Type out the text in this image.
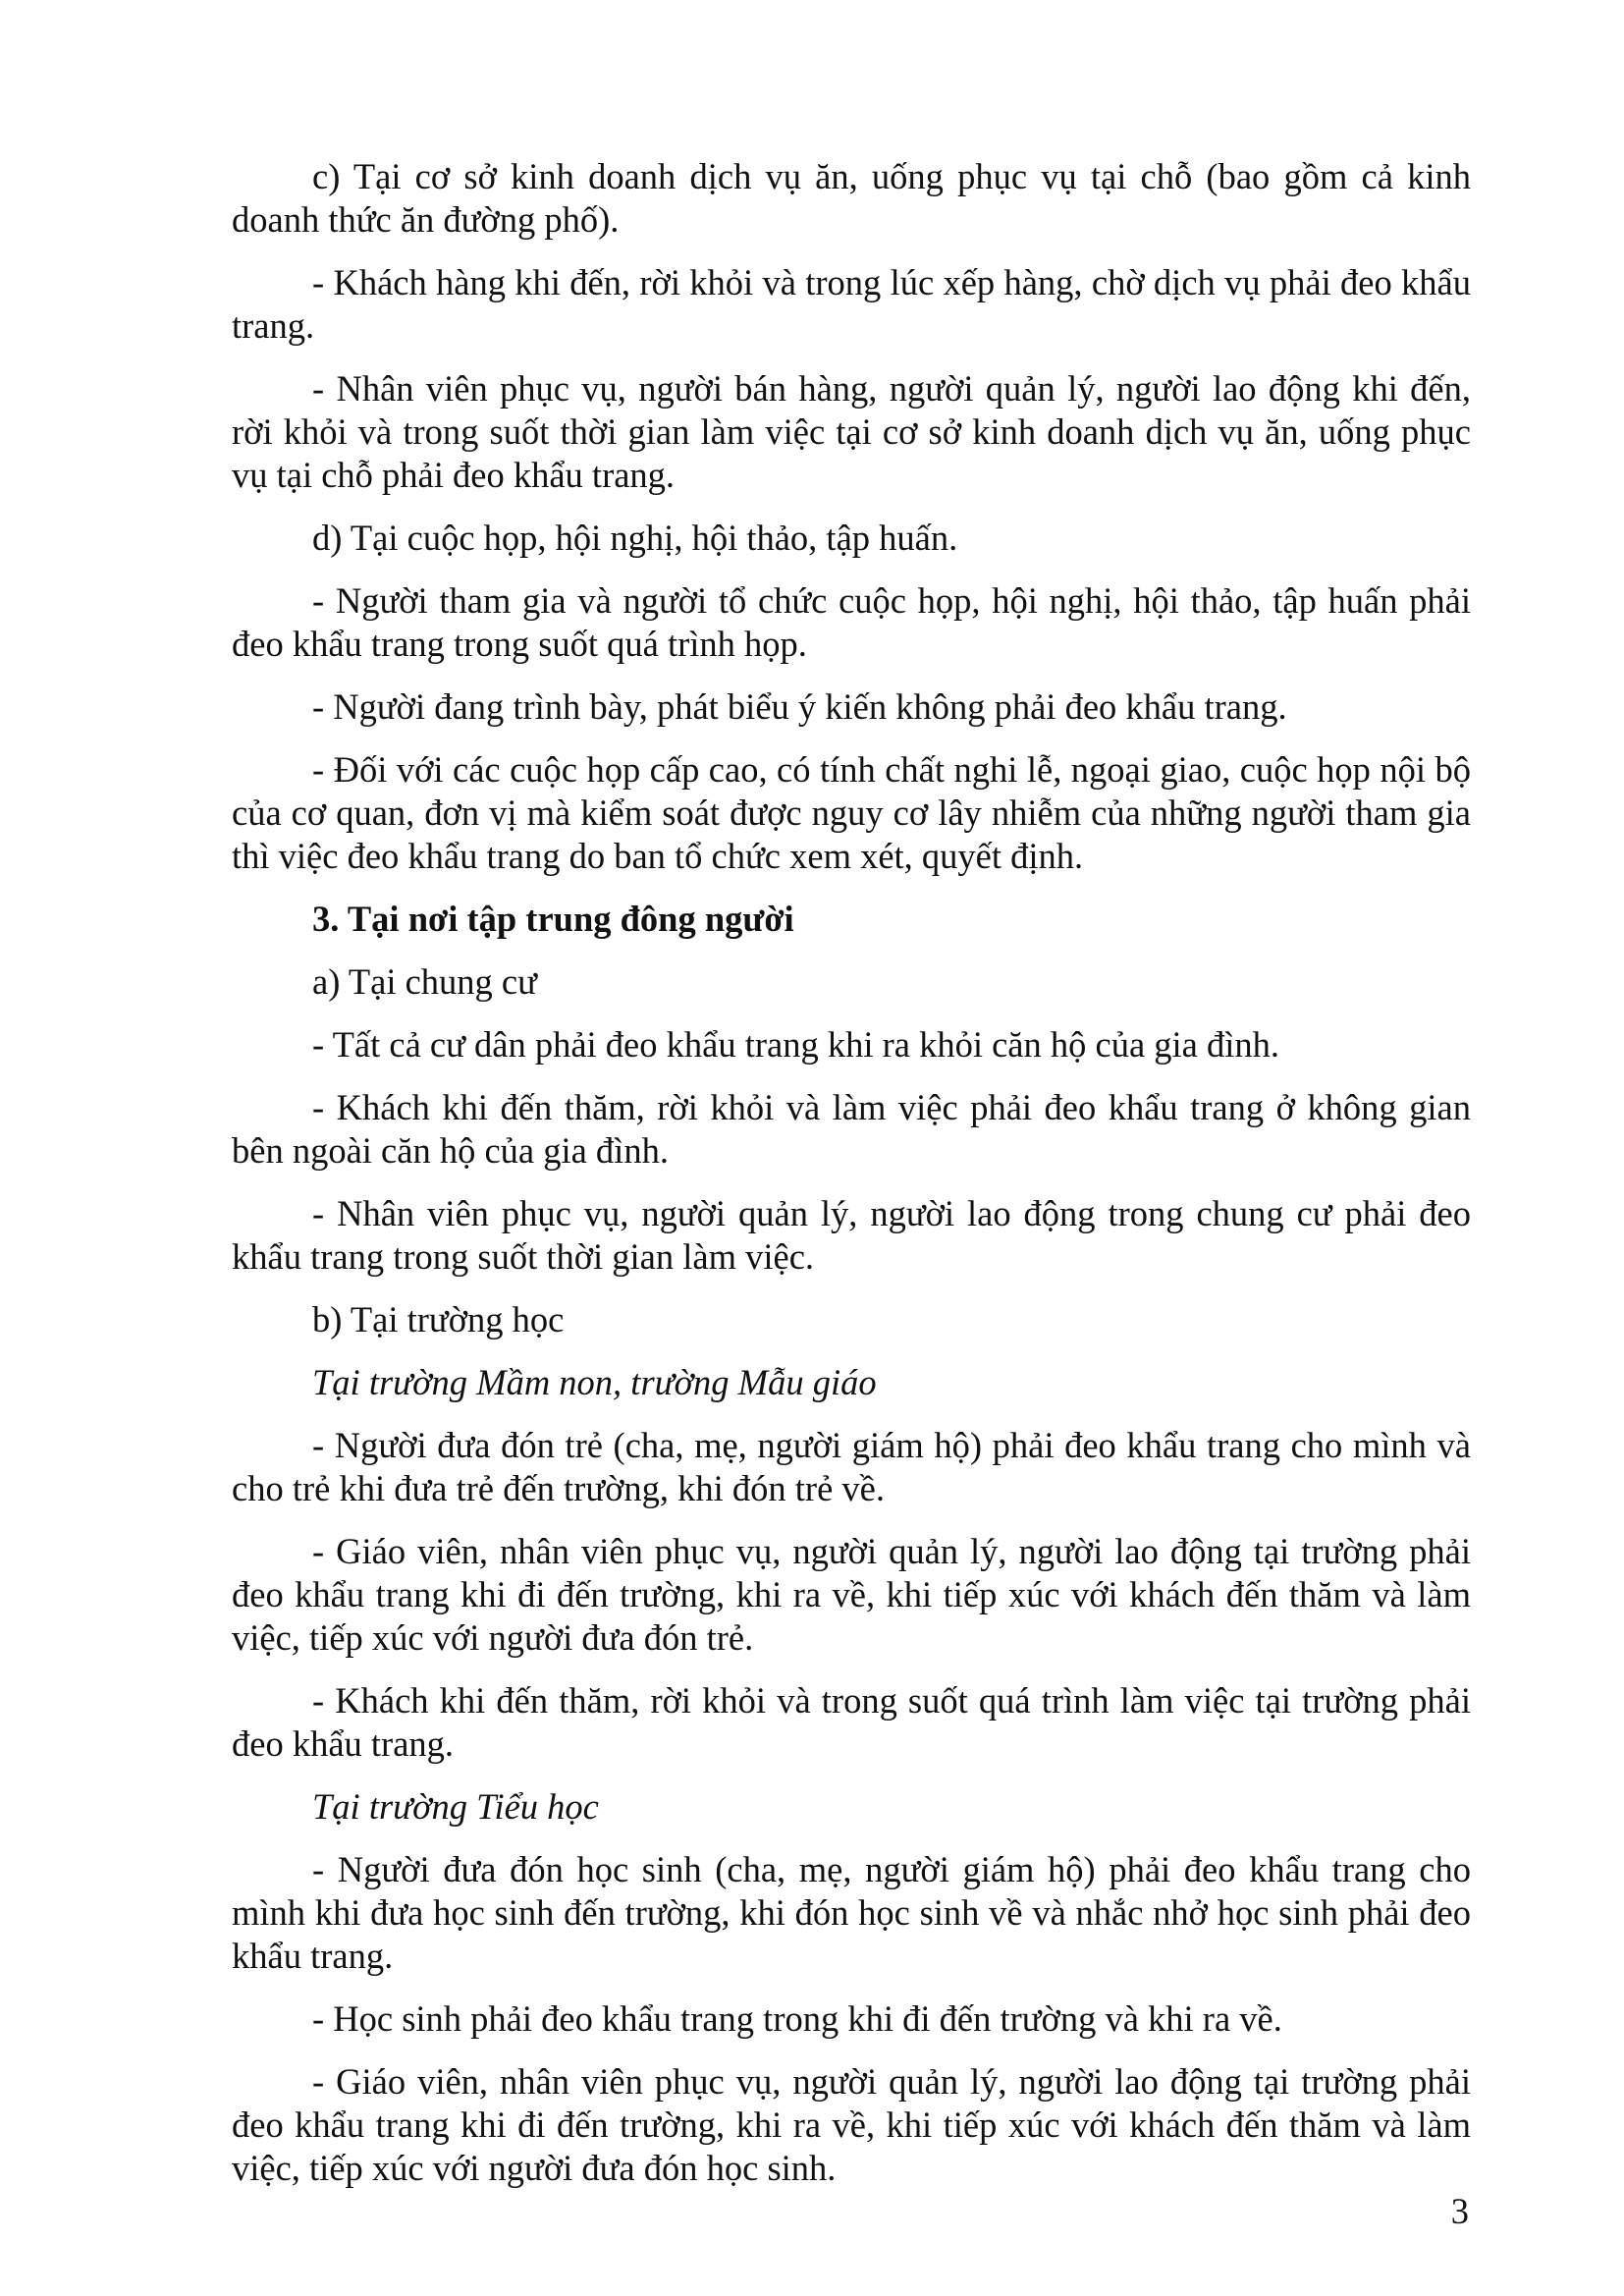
c) Tại cơ sở kinh doanh dịch vụ ăn, uống phục vụ tại chỗ (bao gồm cả kinh doanh thức ăn đường phố).

- Khách hàng khi đến, rời khỏi và trong lúc xếp hàng, chờ dịch vụ phải đeo khẩu trang.

- Nhân viên phục vụ, người bán hàng, người quản lý, người lao động khi đến, rời khỏi và trong suốt thời gian làm việc tại cơ sở kinh doanh dịch vụ ăn, uống phục vụ tại chỗ phải đeo khẩu trang.

d) Tại cuộc họp, hội nghị, hội thảo, tập huấn.

- Người tham gia và người tổ chức cuộc họp, hội nghị, hội thảo, tập huấn phải đeo khẩu trang trong suốt quá trình họp.

- Người đang trình bày, phát biểu ý kiến không phải đeo khẩu trang.

- Đối với các cuộc họp cấp cao, có tính chất nghi lễ, ngoại giao, cuộc họp nội bộ của cơ quan, đơn vị mà kiểm soát được nguy cơ lây nhiễm của những người tham gia thì việc đeo khẩu trang do ban tổ chức xem xét, quyết định.

3. Tại nơi tập trung đông người

a) Tại chung cư

- Tất cả cư dân phải đeo khẩu trang khi ra khỏi căn hộ của gia đình.

- Khách khi đến thăm, rời khỏi và làm việc phải đeo khẩu trang ở không gian bên ngoài căn hộ của gia đình.

- Nhân viên phục vụ, người quản lý, người lao động trong chung cư phải đeo khẩu trang trong suốt thời gian làm việc.

b) Tại trường học

Tại trường Mầm non, trường Mẫu giáo

- Người đưa đón trẻ (cha, mẹ, người giám hộ) phải đeo khẩu trang cho mình và cho trẻ khi đưa trẻ đến trường, khi đón trẻ về.

- Giáo viên, nhân viên phục vụ, người quản lý, người lao động tại trường phải đeo khẩu trang khi đi đến trường, khi ra về, khi tiếp xúc với khách đến thăm và làm việc, tiếp xúc với người đưa đón trẻ.

- Khách khi đến thăm, rời khỏi và trong suốt quá trình làm việc tại trường phải đeo khẩu trang.

Tại trường Tiểu học

- Người đưa đón học sinh (cha, mẹ, người giám hộ) phải đeo khẩu trang cho mình khi đưa học sinh đến trường, khi đón học sinh về và nhắc nhở học sinh phải đeo khẩu trang.

- Học sinh phải đeo khẩu trang trong khi đi đến trường và khi ra về.

- Giáo viên, nhân viên phục vụ, người quản lý, người lao động tại trường phải đeo khẩu trang khi đi đến trường, khi ra về, khi tiếp xúc với khách đến thăm và làm việc, tiếp xúc với người đưa đón học sinh.

3
